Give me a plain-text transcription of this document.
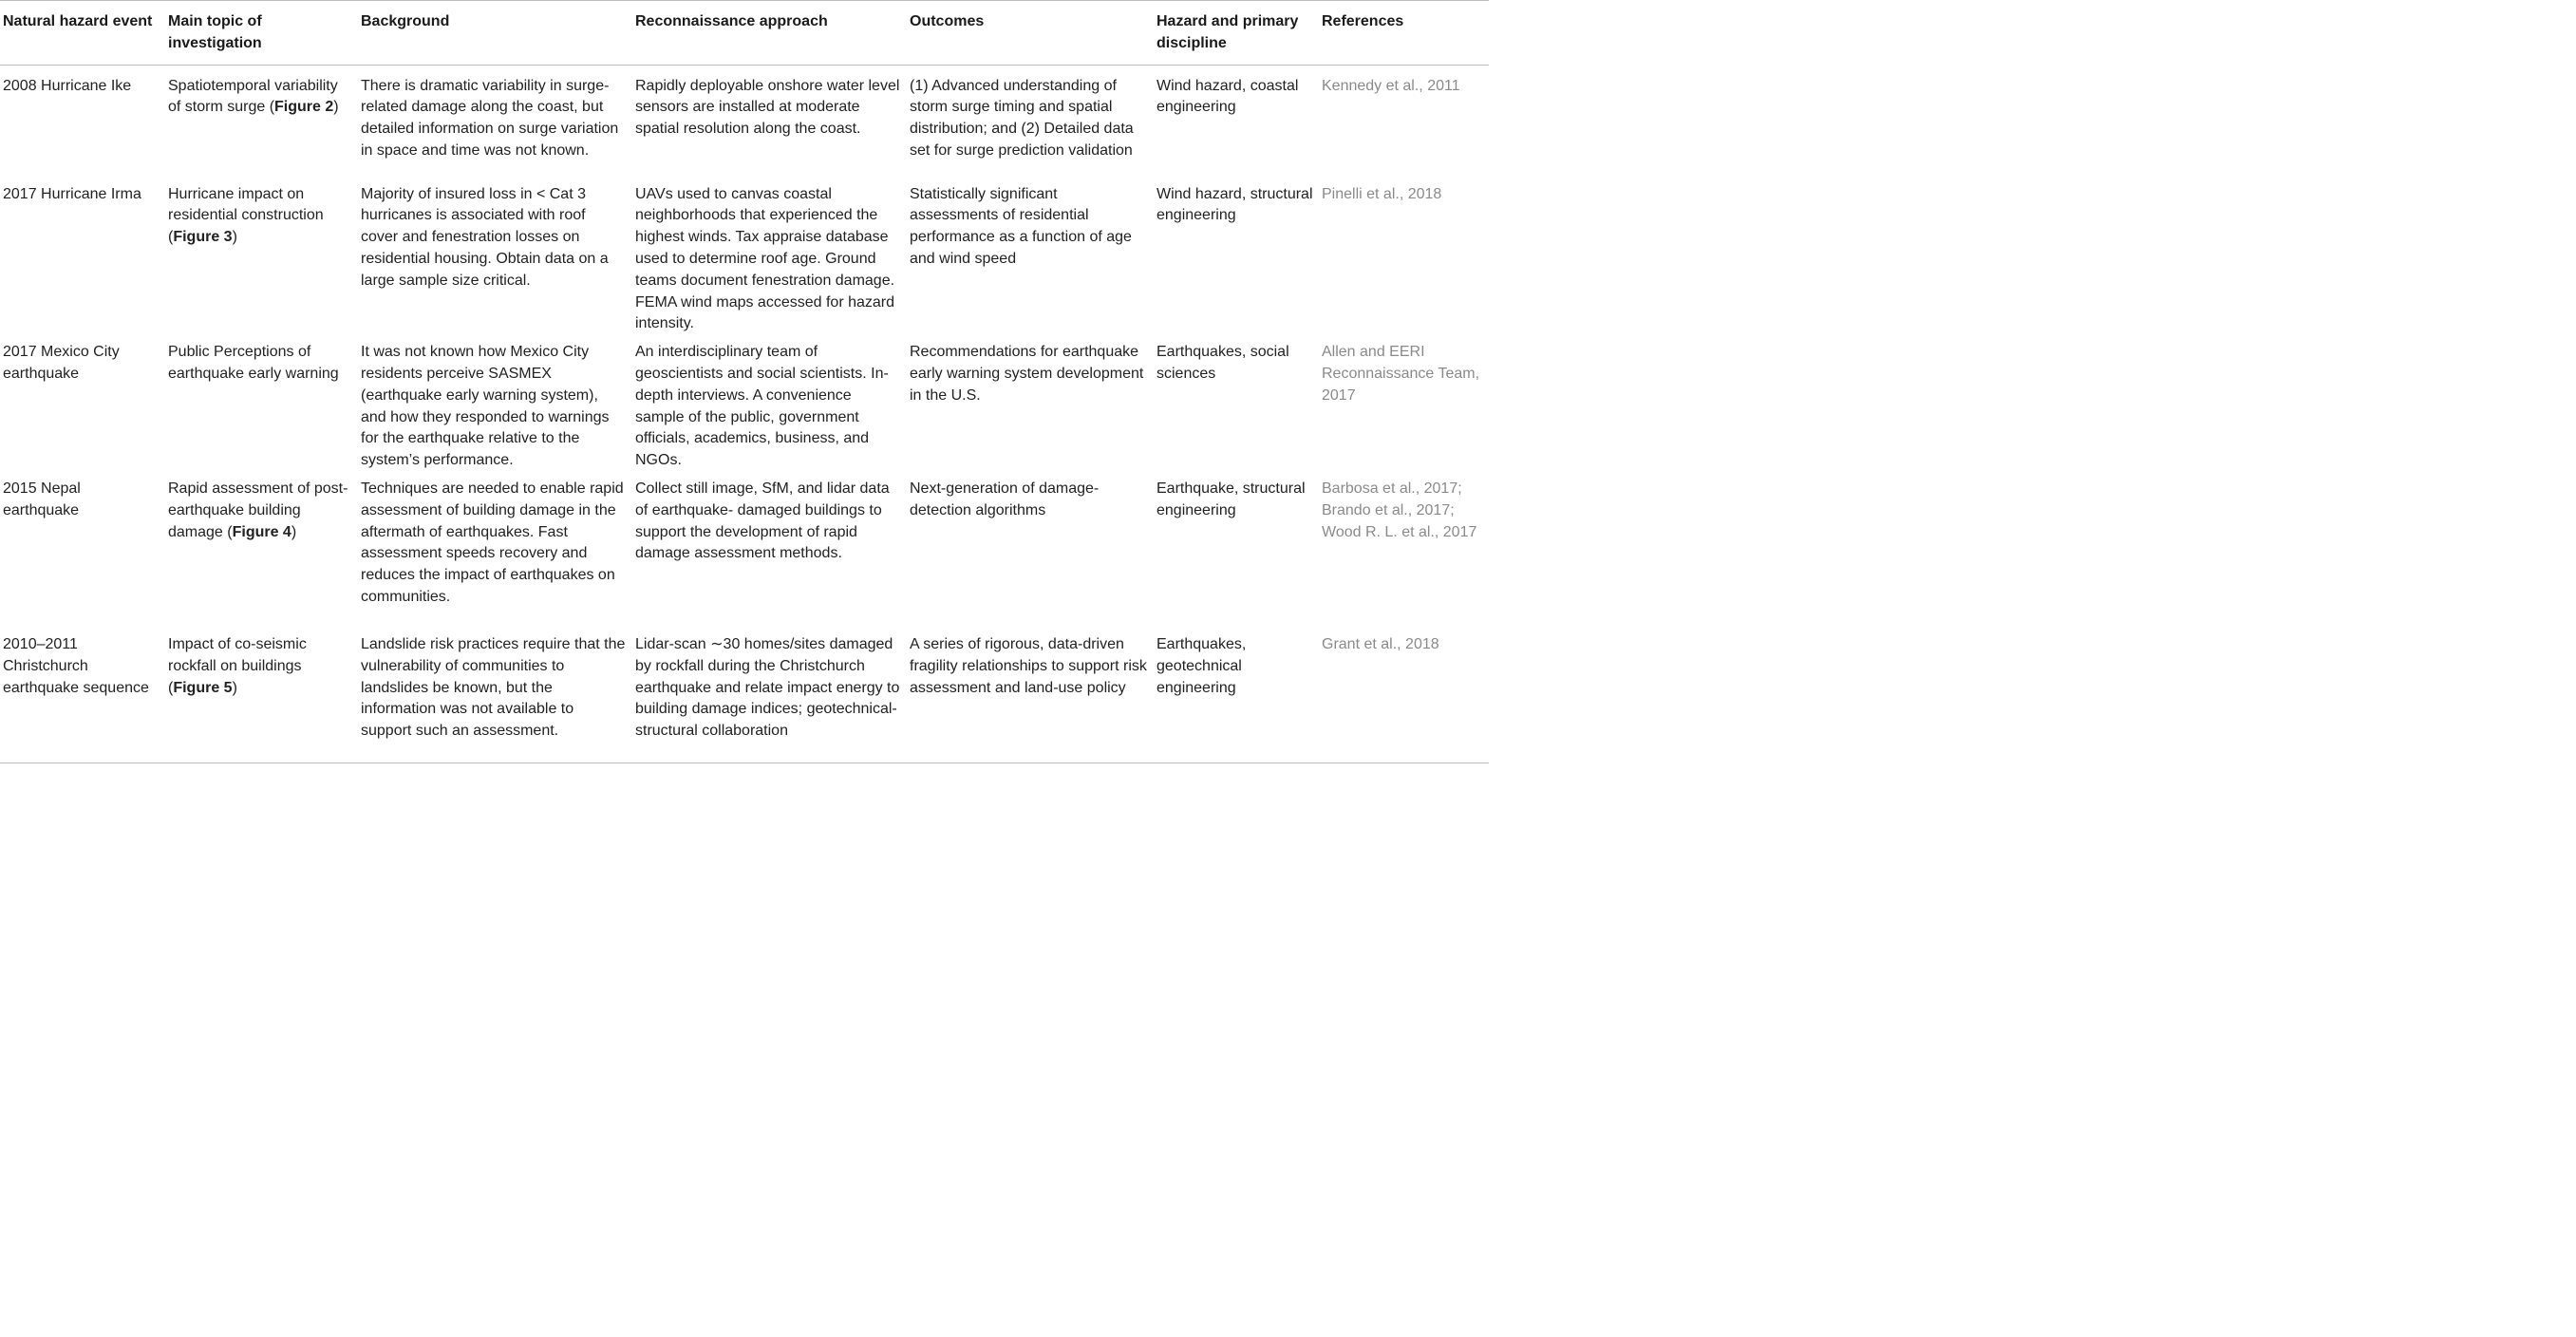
Natural hazard event	Main topic of investigation	Background	Reconnaissance approach	Outcomes	Hazard and primary discipline	References
2008 Hurricane Ike	Spatiotemporal variability of storm surge (Figure 2)	There is dramatic variability in surge-related damage along the coast, but detailed information on surge variation in space and time was not known.	Rapidly deployable onshore water level sensors are installed at moderate spatial resolution along the coast.	(1) Advanced understanding of storm surge timing and spatial distribution; and (2) Detailed data set for surge prediction validation	Wind hazard, coastal engineering	Kennedy et al., 2011
2017 Hurricane Irma	Hurricane impact on residential construction (Figure 3)	Majority of insured loss in < Cat 3 hurricanes is associated with roof cover and fenestration losses on residential housing. Obtain data on a large sample size critical.	UAVs used to canvas coastal neighborhoods that experienced the highest winds. Tax appraise database used to determine roof age. Ground teams document fenestration damage. FEMA wind maps accessed for hazard intensity.	Statistically significant assessments of residential performance as a function of age and wind speed	Wind hazard, structural engineering	Pinelli et al., 2018
2017 Mexico City earthquake	Public Perceptions of earthquake early warning	It was not known how Mexico City residents perceive SASMEX (earthquake early warning system), and how they responded to warnings for the earthquake relative to the system’s performance.	An interdisciplinary team of geoscientists and social scientists. In-depth interviews. A convenience sample of the public, government officials, academics, business, and NGOs.	Recommendations for earthquake early warning system development in the U.S.	Earthquakes, social sciences	Allen and EERI Reconnaissance Team, 2017
2015 Nepal earthquake	Rapid assessment of post-earthquake building damage (Figure 4)	Techniques are needed to enable rapid assessment of building damage in the aftermath of earthquakes. Fast assessment speeds recovery and reduces the impact of earthquakes on communities.	Collect still image, SfM, and lidar data of earthquake- damaged buildings to support the development of rapid damage assessment methods.	Next-generation of damage-detection algorithms	Earthquake, structural engineering	Barbosa et al., 2017; Brando et al., 2017; Wood R. L. et al., 2017
2010–2011 Christchurch earthquake sequence	Impact of co-seismic rockfall on buildings (Figure 5)	Landslide risk practices require that the vulnerability of communities to landslides be known, but the information was not available to support such an assessment.	Lidar-scan ∼30 homes/sites damaged by rockfall during the Christchurch earthquake and relate impact energy to building damage indices; geotechnical-structural collaboration	A series of rigorous, data-driven fragility relationships to support risk assessment and land-use policy	Earthquakes, geotechnical engineering	Grant et al., 2018
